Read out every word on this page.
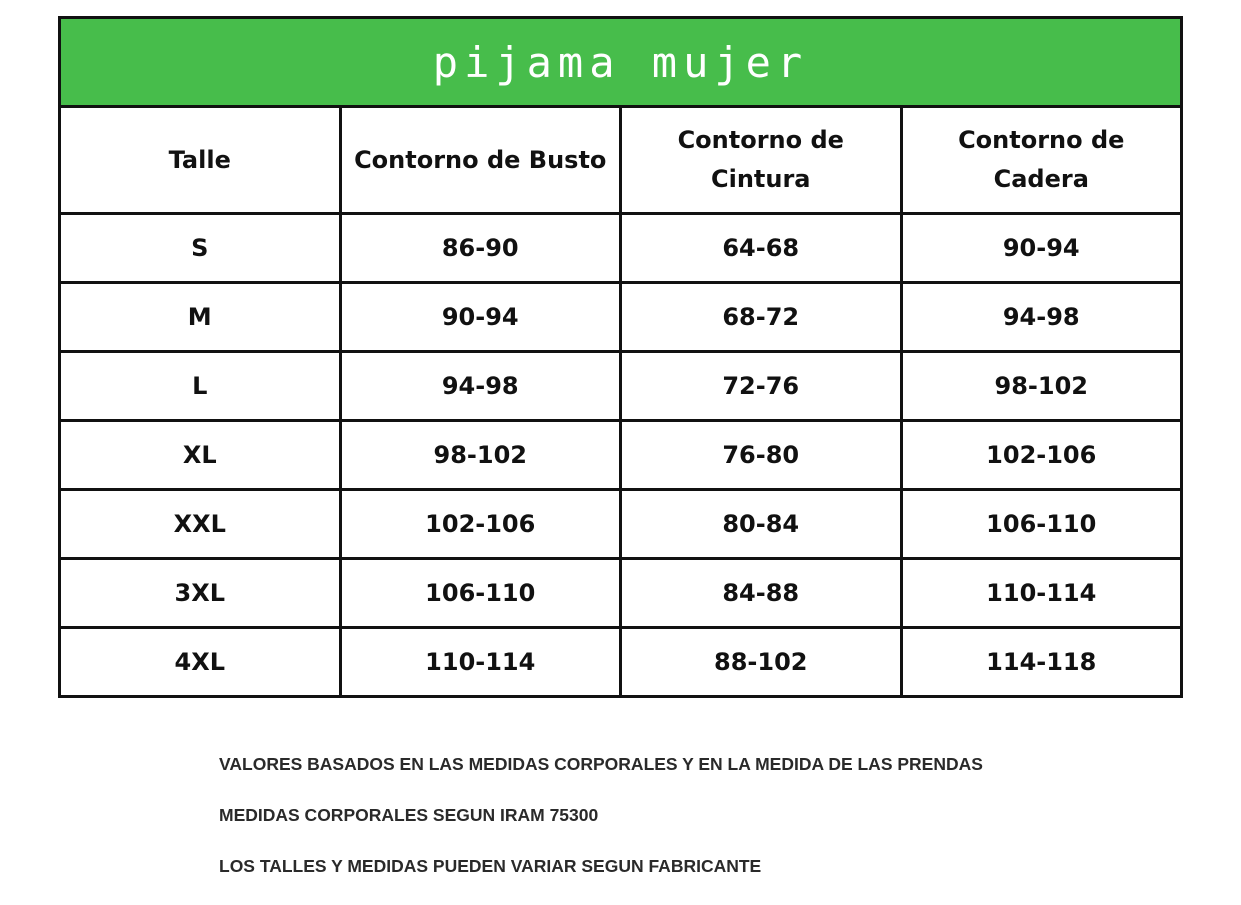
pijama mujer			
Talle	Contorno de Busto	Contorno de Cintura	Contorno de Cadera
S	86-90	64-68	90-94
M	90-94	68-72	94-98
L	94-98	72-76	98-102
XL	98-102	76-80	102-106
XXL	102-106	80-84	106-110
3XL	106-110	84-88	110-114
4XL	110-114	88-102	114-118

VALORES BASADOS EN LAS MEDIDAS CORPORALES Y EN LA MEDIDA DE LAS PRENDAS

MEDIDAS CORPORALES SEGUN IRAM 75300

LOS TALLES Y MEDIDAS PUEDEN VARIAR SEGUN FABRICANTE
